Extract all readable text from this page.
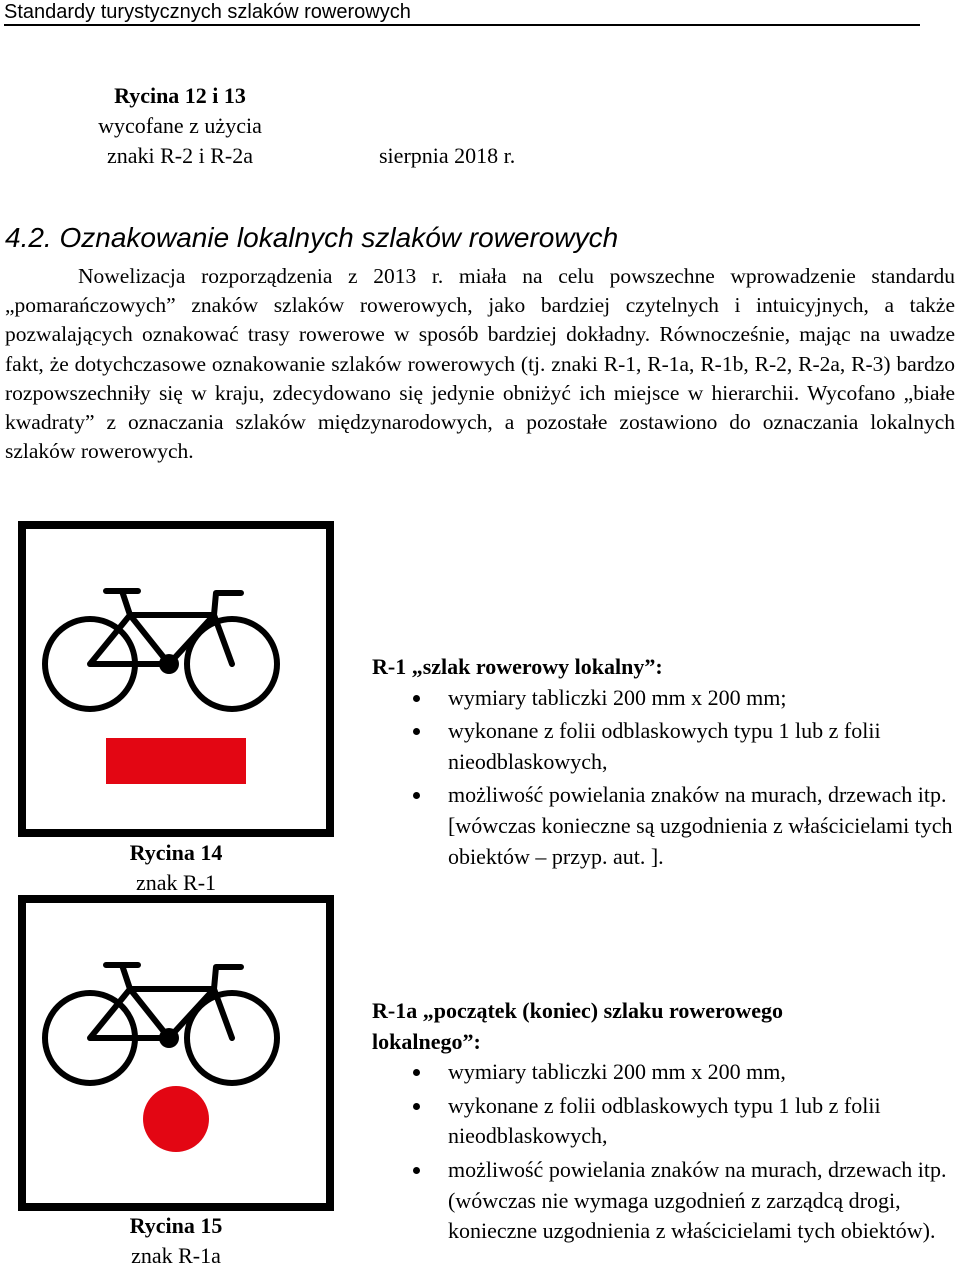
Standardy turystycznych szlaków rowerowych
Rycina 12 i 13
wycofane z użycia
znaki R-2 i R-2a	sierpnia 2018 r.
4.2. Oznakowanie lokalnych szlaków rowerowych

Nowelizacja rozporządzenia z 2013 r. miała na celu powszechne wprowadzenie standardu „pomarańczowych” znaków szlaków rowerowych, jako bardziej czytelnych i intuicyjnych, a także pozwalających oznakować trasy rowerowe w sposób bardziej dokładny. Równocześnie, mając na uwadze fakt, że dotychczasowe oznakowanie szlaków rowerowych (tj. znaki R-1, R-1a, R-1b, R-2, R-2a, R-3) bardzo rozpowszechniły się w kraju, zdecydowano się jedynie obniżyć ich miejsce w hierarchii. Wycofano „białe kwadraty” z oznaczania szlaków międzynarodowych, a pozostałe zostawiono do oznaczania lokalnych szlaków rowerowych.

Rycina 14
znak R-1
R-1 „szlak rowerowy lokalny”:
wymiary tabliczki 200 mm x 200 mm;
wykonane z folii odblaskowych typu 1 lub z folii nieodblaskowych,
możliwość powielania znaków na murach, drzewach itp. [wówczas konieczne są uzgodnienia z właścicielami tych obiektów – przyp. aut. ].
Rycina 15
znak R-1a
R-1a „początek (koniec) szlaku rowerowego lokalnego”:
wymiary tabliczki 200 mm x 200 mm,
wykonane z folii odblaskowych typu 1 lub z folii nieodblaskowych,
możliwość powielania znaków na murach, drzewach itp. (wówczas nie wymaga uzgodnień z zarządcą drogi, konieczne uzgodnienia z właścicielami tych obiektów).
